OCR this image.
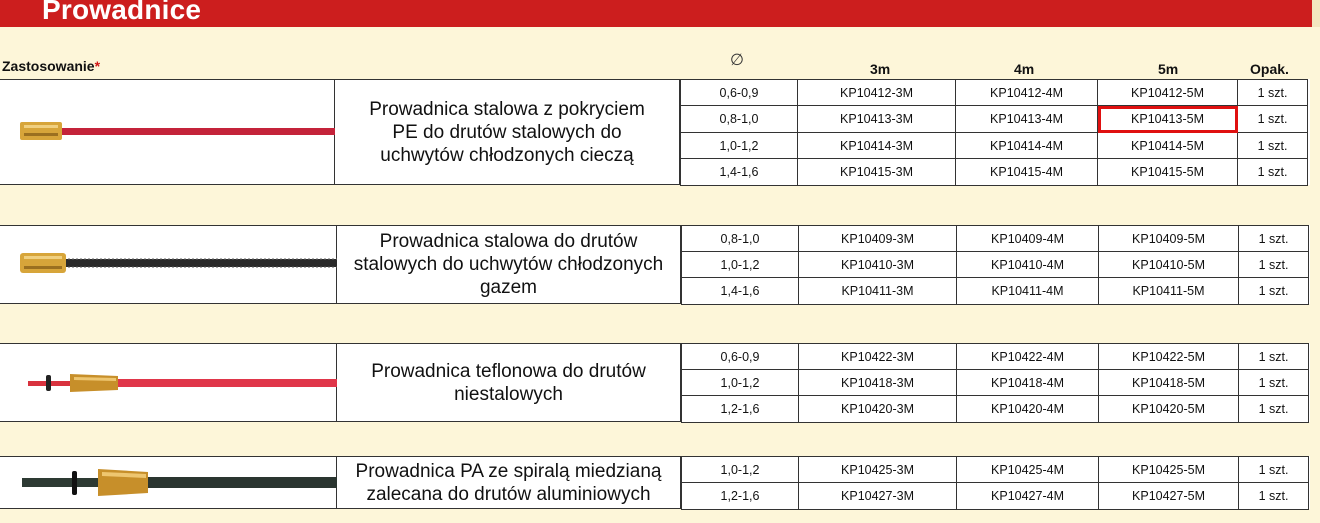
Prowadnice
Zastosowanie*	∅	3m	4m	5m	Opak.
Prowadnica stalowa z pokryciem PE do drutów stalowych do uchwytów chłodzonych cieczą
0,6-0,9	KP10412-3M	KP10412-4M	KP10412-5M	1 szt.
0,8-1,0	KP10413-3M	KP10413-4M	KP10413-5M	1 szt.
1,0-1,2	KP10414-3M	KP10414-4M	KP10414-5M	1 szt.
1,4-1,6	KP10415-3M	KP10415-4M	KP10415-5M	1 szt.
Prowadnica stalowa do drutów stalowych do uchwytów chłodzonych gazem
0,8-1,0	KP10409-3M	KP10409-4M	KP10409-5M	1 szt.
1,0-1,2	KP10410-3M	KP10410-4M	KP10410-5M	1 szt.
1,4-1,6	KP10411-3M	KP10411-4M	KP10411-5M	1 szt.
Prowadnica teflonowa do drutów niestalowych
0,6-0,9	KP10422-3M	KP10422-4M	KP10422-5M	1 szt.
1,0-1,2	KP10418-3M	KP10418-4M	KP10418-5M	1 szt.
1,2-1,6	KP10420-3M	KP10420-4M	KP10420-5M	1 szt.
Prowadnica PA ze spiralą miedzianą zalecana do drutów aluminiowych
1,0-1,2	KP10425-3M	KP10425-4M	KP10425-5M	1 szt.
1,2-1,6	KP10427-3M	KP10427-4M	KP10427-5M	1 szt.
